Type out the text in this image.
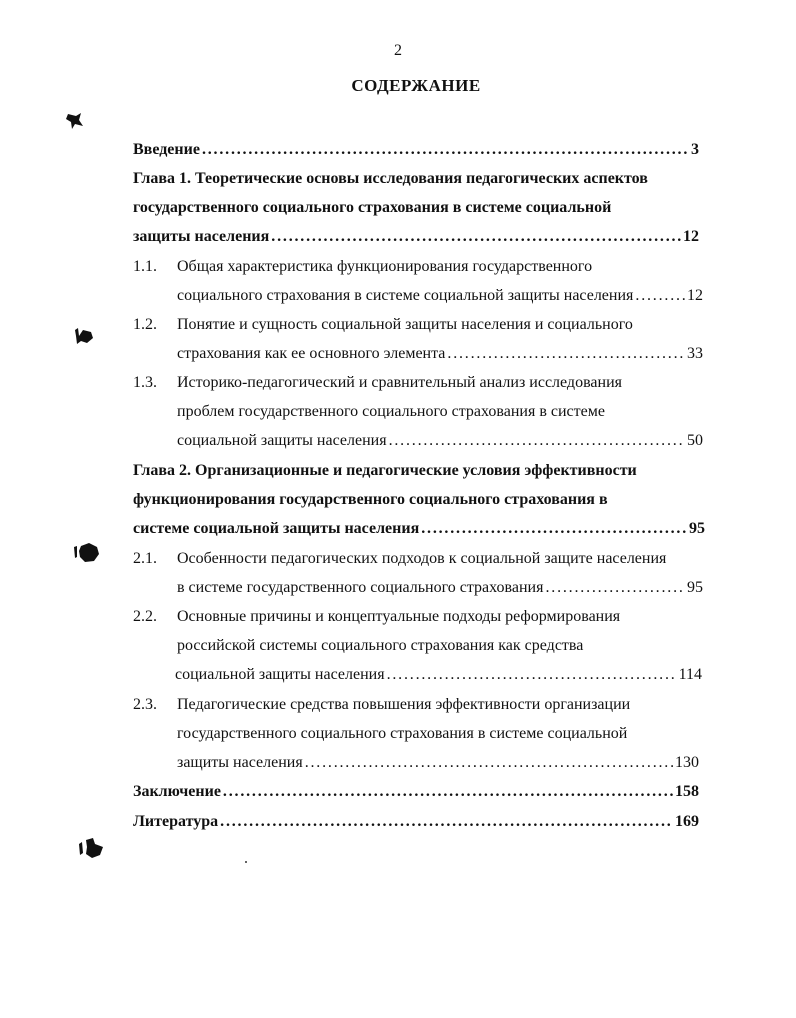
2
СОДЕРЖАНИЕ
Введение . . .	3
Глава 1. Теоретические основы исследования педагогических аспектов
государственного социального страхования в системе социальной
защиты населения . . .	12
1.1. Общая характеристика функционирования государственного
социального страхования в системе социальной защиты населения . . .	12
1.2. Понятие и сущность социальной защиты населения и социального
страхования как ее основного элемента . . .	33
1.3. Историко-педагогический и сравнительный анализ исследования
проблем государственного социального страхования в системе
социальной защиты населения . . .	50
Глава 2. Организационные и педагогические условия эффективности
функционирования государственного социального страхования в
системе социальной защиты населения . . .	95
2.1. Особенности педагогических подходов к социальной защите населения
в системе государственного социального страхования . . .	95
2.2. Основные причины и концептуальные подходы реформирования
российской системы социального страхования как средства
социальной защиты населения . . .	114
2.3. Педагогические средства повышения эффективности организации
государственного социального страхования в системе социальной
защиты населения . . .	130
Заключение . . .	158
Литература . . .	169
